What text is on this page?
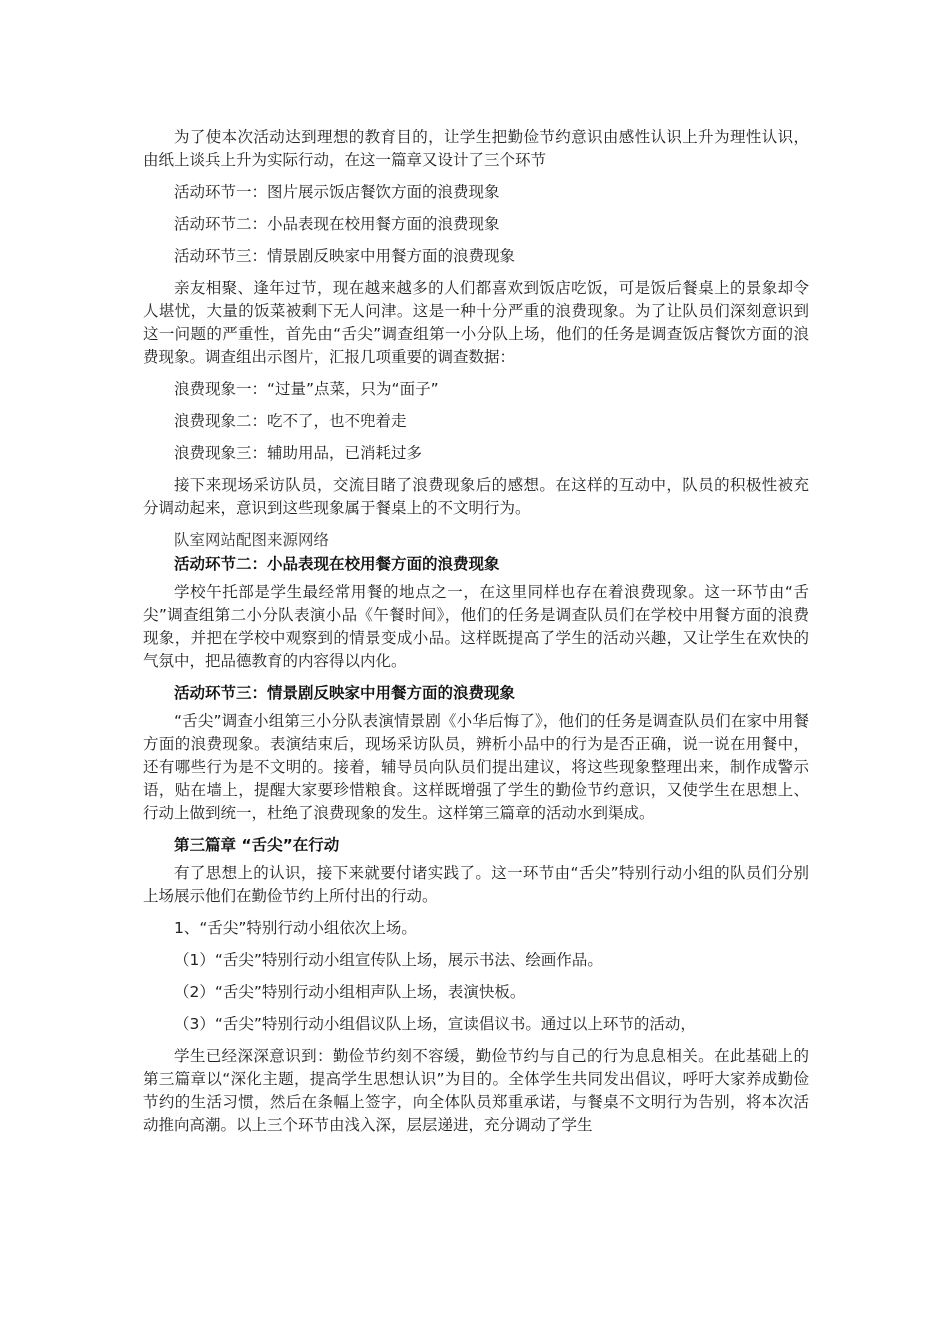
为了使本次活动达到理想的教育目的，让学生把勤俭节约意识由感性认识上升为理性认识，由纸上谈兵上升为实际行动，在这一篇章又设计了三个环节

活动环节一：图片展示饭店餐饮方面的浪费现象

活动环节二：小品表现在校用餐方面的浪费现象

活动环节三：情景剧反映家中用餐方面的浪费现象

亲友相聚、逢年过节，现在越来越多的人们都喜欢到饭店吃饭，可是饭后餐桌上的景象却令人堪忧，大量的饭菜被剩下无人问津。这是一种十分严重的浪费现象。为了让队员们深刻意识到这一问题的严重性，首先由“舌尖”调查组第一小分队上场，他们的任务是调查饭店餐饮方面的浪费现象。调查组出示图片，汇报几项重要的调查数据：

浪费现象一：“过量”点菜，只为“面子”

浪费现象二：吃不了，也不兜着走

浪费现象三：辅助用品，已消耗过多

接下来现场采访队员，交流目睹了浪费现象后的感想。在这样的互动中，队员的积极性被充分调动起来，意识到这些现象属于餐桌上的不文明行为。

队室网站配图来源网络

活动环节二：小品表现在校用餐方面的浪费现象

学校午托部是学生最经常用餐的地点之一，在这里同样也存在着浪费现象。这一环节由“舌尖”调查组第二小分队表演小品《午餐时间》，他们的任务是调查队员们在学校中用餐方面的浪费现象，并把在学校中观察到的情景变成小品。这样既提高了学生的活动兴趣，又让学生在欢快的气氛中，把品德教育的内容得以内化。

活动环节三：情景剧反映家中用餐方面的浪费现象

“舌尖”调查小组第三小分队表演情景剧《小华后悔了》，他们的任务是调查队员们在家中用餐方面的浪费现象。表演结束后，现场采访队员，辨析小品中的行为是否正确，说一说在用餐中，还有哪些行为是不文明的。接着，辅导员向队员们提出建议，将这些现象整理出来，制作成警示语，贴在墙上，提醒大家要珍惜粮食。这样既增强了学生的勤俭节约意识，又使学生在思想上、行动上做到统一，杜绝了浪费现象的发生。这样第三篇章的活动水到渠成。

第三篇章 “舌尖”在行动

有了思想上的认识，接下来就要付诸实践了。这一环节由“舌尖”特别行动小组的队员们分别上场展示他们在勤俭节约上所付出的行动。

1、“舌尖”特别行动小组依次上场。

（1）“舌尖”特别行动小组宣传队上场，展示书法、绘画作品。

（2）“舌尖”特别行动小组相声队上场，表演快板。

（3）“舌尖”特别行动小组倡议队上场，宣读倡议书。通过以上环节的活动，

学生已经深深意识到：勤俭节约刻不容缓，勤俭节约与自己的行为息息相关。在此基础上的第三篇章以“深化主题，提高学生思想认识”为目的。全体学生共同发出倡议，呼吁大家养成勤俭节约的生活习惯，然后在条幅上签字，向全体队员郑重承诺，与餐桌不文明行为告别，将本次活动推向高潮。以上三个环节由浅入深，层层递进，充分调动了学生
